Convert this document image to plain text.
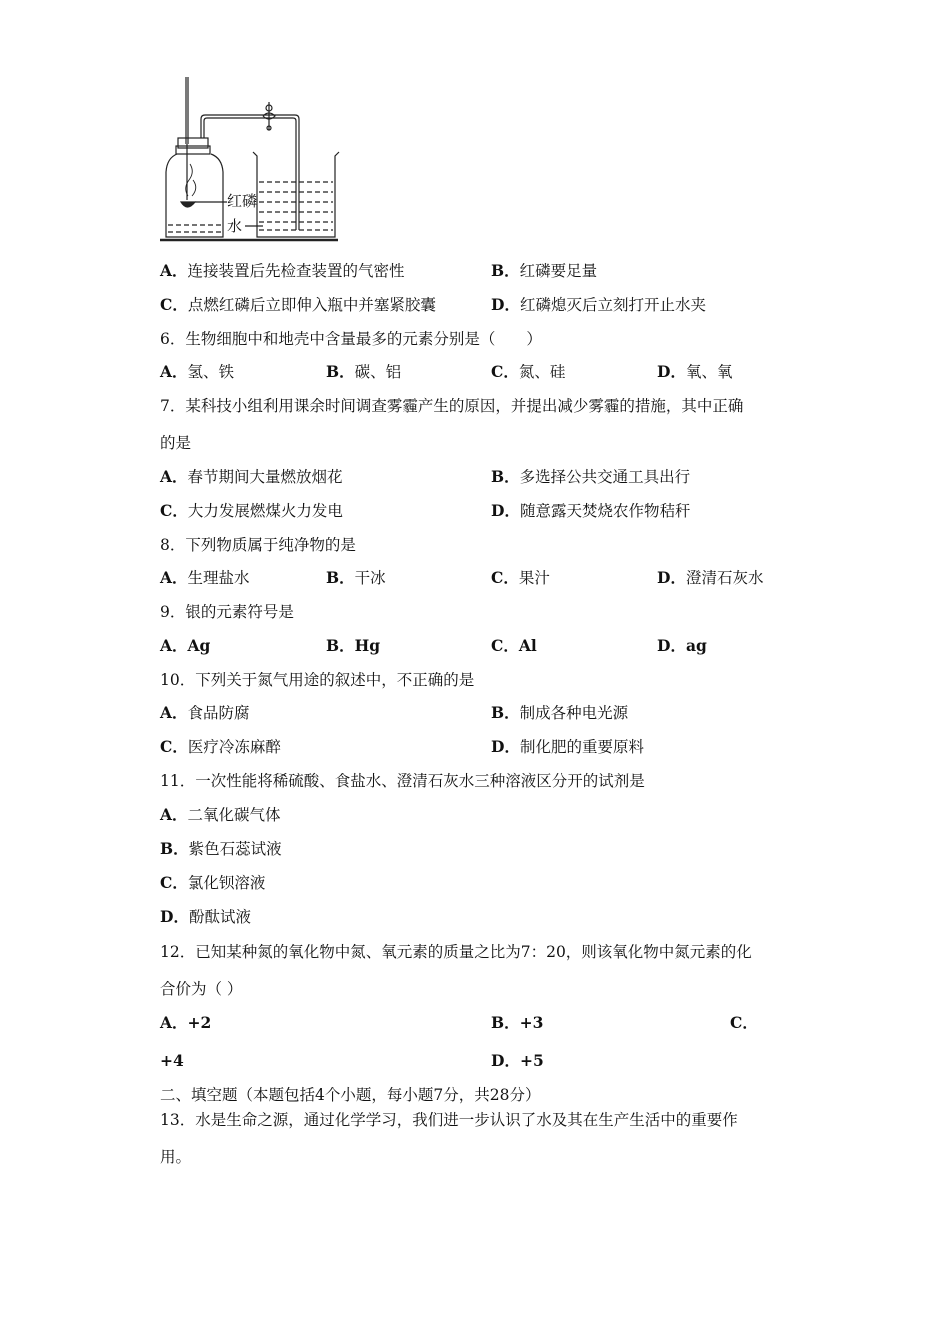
红磷
水
A．连接装置后先检查装置的气密性	B．红磷要足量
C．点燃红磷后立即伸入瓶中并塞紧胶囊	D．红磷熄灭后立刻打开止水夹
6．生物细胞中和地壳中含量最多的元素分别是（　　）
A．氢、铁	B．碳、铝	C．氮、硅	D．氧、氧
7．某科技小组利用课余时间调查雾霾产生的原因，并提出减少雾霾的措施，其中正确
的是
A．春节期间大量燃放烟花	B．多选择公共交通工具出行
C．大力发展燃煤火力发电	D．随意露天焚烧农作物秸秆
8．下列物质属于纯净物的是
A．生理盐水	B．干冰	C．果汁	D．澄清石灰水
9．银的元素符号是
A．Ag	B．Hg	C．Al	D．ag
10．下列关于氮气用途的叙述中，不正确的是
A．食品防腐	B．制成各种电光源
C．医疗冷冻麻醉	D．制化肥的重要原料
11．一次性能将稀硫酸、食盐水、澄清石灰水三种溶液区分开的试剂是
A．二氧化碳气体
B．紫色石蕊试液
C．氯化钡溶液
D．酚酞试液
12．已知某种氮的氧化物中氮、氧元素的质量之比为7：20，则该氧化物中氮元素的化
合价为（ ）
A．+2	B．+3	C．
+4	D．+5
二、填空题（本题包括4个小题，每小题7分，共28分）
13．水是生命之源，通过化学学习，我们进一步认识了水及其在生产生活中的重要作
用。
